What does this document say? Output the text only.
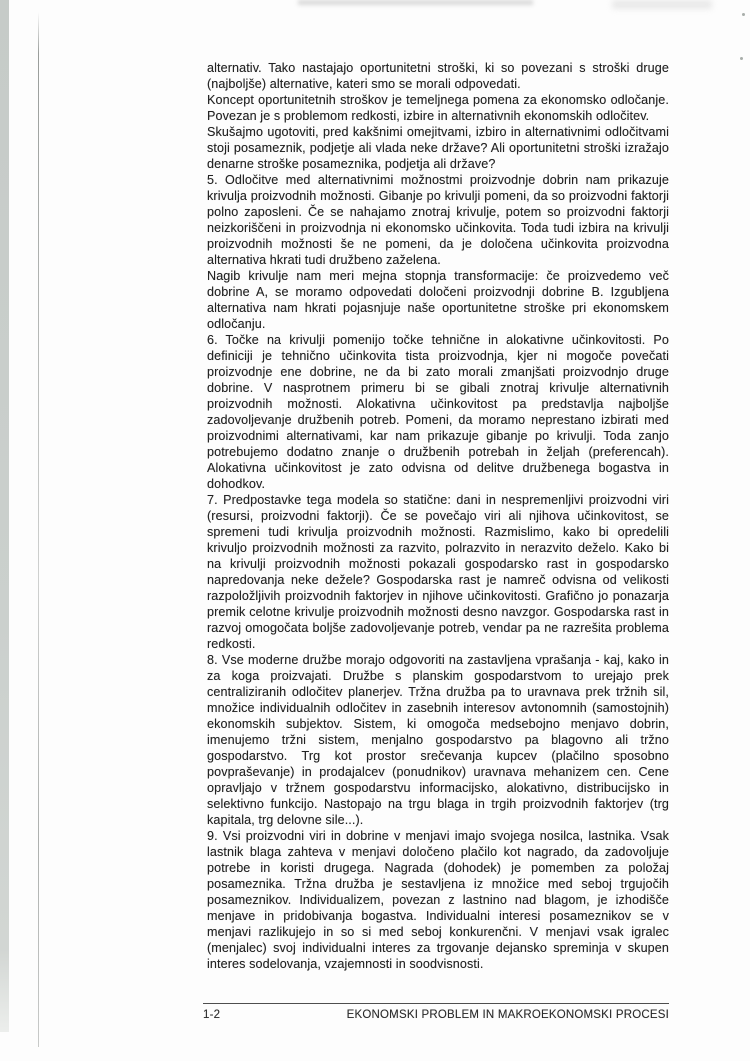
alternativ. Tako nastajajo oportunitetni stroški, ki so povezani s stroški druge (najboljše) alternative, kateri smo se morali odpovedati.

Koncept oportunitetnih stroškov je temeljnega pomena za ekonomsko odločanje. Povezan je s problemom redkosti, izbire in alternativnih ekonomskih odločitev.

Skušajmo ugotoviti, pred kakšnimi omejitvami, izbiro in alternativnimi odločitvami stoji posameznik, podjetje ali vlada neke države? Ali oportunitetni stroški izražajo denarne stroške posameznika, podjetja ali države?

5. Odločitve med alternativnimi možnostmi proizvodnje dobrin nam prikazuje krivulja proizvodnih možnosti. Gibanje po krivulji pomeni, da so proizvodni faktorji polno zaposleni. Če se nahajamo znotraj krivulje, potem so proizvodni faktorji neizkoriščeni in proizvodnja ni ekonomsko učinkovita. Toda tudi izbira na krivulji proizvodnih možnosti še ne pomeni, da je določena učinkovita proizvodna alternativa hkrati tudi družbeno zaželena.

Nagib krivulje nam meri mejna stopnja transformacije: če proizvedemo več dobrine A, se moramo odpovedati določeni proizvodnji dobrine B. Izgubljena alternativa nam hkrati pojasnjuje naše oportunitetne stroške pri ekonomskem odločanju.

6. Točke na krivulji pomenijo točke tehnične in alokativne učinkovitosti. Po definiciji je tehnično učinkovita tista proizvodnja, kjer ni mogoče povečati proizvodnje ene dobrine, ne da bi zato morali zmanjšati proizvodnjo druge dobrine. V nasprotnem primeru bi se gibali znotraj krivulje alternativnih proizvodnih možnosti. Alokativna učinkovitost pa predstavlja najboljše zadovoljevanje družbenih potreb. Pomeni, da moramo neprestano izbirati med proizvodnimi alternativami, kar nam prikazuje gibanje po krivulji. Toda zanjo potrebujemo dodatno znanje o družbenih potrebah in željah (preferencah). Alokativna učinkovitost je zato odvisna od delitve družbenega bogastva in dohodkov.

7. Predpostavke tega modela so statične: dani in nespremenljivi proizvodni viri (resursi, proizvodni faktorji). Če se povečajo viri ali njihova učinkovitost, se spremeni tudi krivulja proizvodnih možnosti. Razmislimo, kako bi opredelili krivuljo proizvodnih možnosti za razvito, polrazvito in nerazvito deželo. Kako bi na krivulji proizvodnih možnosti pokazali gospodarsko rast in gospodarsko napredovanja neke dežele? Gospodarska rast je namreč odvisna od velikosti razpoložljivih proizvodnih faktorjev in njihove učinkovitosti. Grafično jo ponazarja premik celotne krivulje proizvodnih možnosti desno navzgor. Gospodarska rast in razvoj omogočata boljše zadovoljevanje potreb, vendar pa ne razrešita problema redkosti.

8. Vse moderne družbe morajo odgovoriti na zastavljena vprašanja - kaj, kako in za koga proizvajati. Družbe s planskim gospodarstvom to urejajo prek centraliziranih odločitev planerjev. Tržna družba pa to uravnava prek tržnih sil, množice individualnih odločitev in zasebnih interesov avtonomnih (samostojnih) ekonomskih subjektov. Sistem, ki omogoča medsebojno menjavo dobrin, imenujemo tržni sistem, menjalno gospodarstvo pa blagovno ali tržno gospodarstvo. Trg kot prostor srečevanja kupcev (plačilno sposobno povpraševanje) in prodajalcev (ponudnikov) uravnava mehanizem cen. Cene opravljajo v tržnem gospodarstvu informacijsko, alokativno, distribucijsko in selektivno funkcijo. Nastopajo na trgu blaga in trgih proizvodnih faktorjev (trg kapitala, trg delovne sile...).

9. Vsi proizvodni viri in dobrine v menjavi imajo svojega nosilca, lastnika. Vsak lastnik blaga zahteva v menjavi določeno plačilo kot nagrado, da zadovoljuje potrebe in koristi drugega. Nagrada (dohodek) je pomemben za položaj posameznika. Tržna družba je sestavljena iz množice med seboj trgujočih posameznikov. Individualizem, povezan z lastnino nad blagom, je izhodišče menjave in pridobivanja bogastva. Individualni interesi posameznikov se v menjavi razlikujejo in so si med seboj konkurenčni. V menjavi vsak igralec (menjalec) svoj individualni interes za trgovanje dejansko spreminja v skupen interes sodelovanja, vzajemnosti in soodvisnosti.

1-2	EKONOMSKI PROBLEM IN MAKROEKONOMSKI PROCESI
